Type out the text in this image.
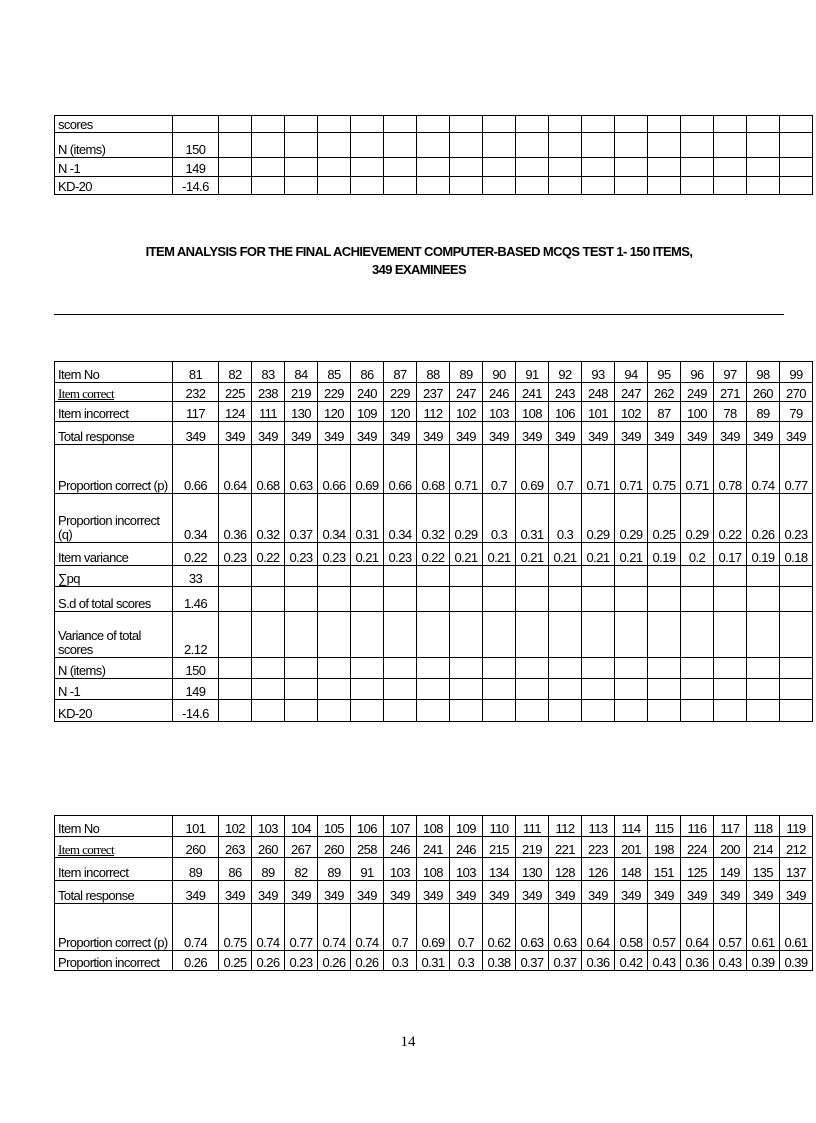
scores																			
N (items)	150																		
N -1	149																		
KD-20	-14.6																		
ITEM ANALYSIS FOR THE FINAL ACHIEVEMENT COMPUTER-BASED MCQS TEST 1- 150 ITEMS,
349 EXAMINEES
Item No	81	82	83	84	85	86	87	88	89	90	91	92	93	94	95	96	97	98	99
Item correct	232	225	238	219	229	240	229	237	247	246	241	243	248	247	262	249	271	260	270
Item incorrect	117	124	111	130	120	109	120	112	102	103	108	106	101	102	87	100	78	89	79
Total response	349	349	349	349	349	349	349	349	349	349	349	349	349	349	349	349	349	349	349
Proportion correct (p)	0.66	0.64	0.68	0.63	0.66	0.69	0.66	0.68	0.71	0.7	0.69	0.7	0.71	0.71	0.75	0.71	0.78	0.74	0.77
Proportion incorrect (q)	0.34	0.36	0.32	0.37	0.34	0.31	0.34	0.32	0.29	0.3	0.31	0.3	0.29	0.29	0.25	0.29	0.22	0.26	0.23
Item variance	0.22	0.23	0.22	0.23	0.23	0.21	0.23	0.22	0.21	0.21	0.21	0.21	0.21	0.21	0.19	0.2	0.17	0.19	0.18
∑pq	33																		
S.d of total scores	1.46																		
Variance of total scores	2.12																		
N (items)	150																		
N -1	149																		
KD-20	-14.6																		
Item No	101	102	103	104	105	106	107	108	109	110	111	112	113	114	115	116	117	118	119
Item correct	260	263	260	267	260	258	246	241	246	215	219	221	223	201	198	224	200	214	212
Item incorrect	89	86	89	82	89	91	103	108	103	134	130	128	126	148	151	125	149	135	137
Total response	349	349	349	349	349	349	349	349	349	349	349	349	349	349	349	349	349	349	349
Proportion correct (p)	0.74	0.75	0.74	0.77	0.74	0.74	0.7	0.69	0.7	0.62	0.63	0.63	0.64	0.58	0.57	0.64	0.57	0.61	0.61
Proportion incorrect	0.26	0.25	0.26	0.23	0.26	0.26	0.3	0.31	0.3	0.38	0.37	0.37	0.36	0.42	0.43	0.36	0.43	0.39	0.39
14
